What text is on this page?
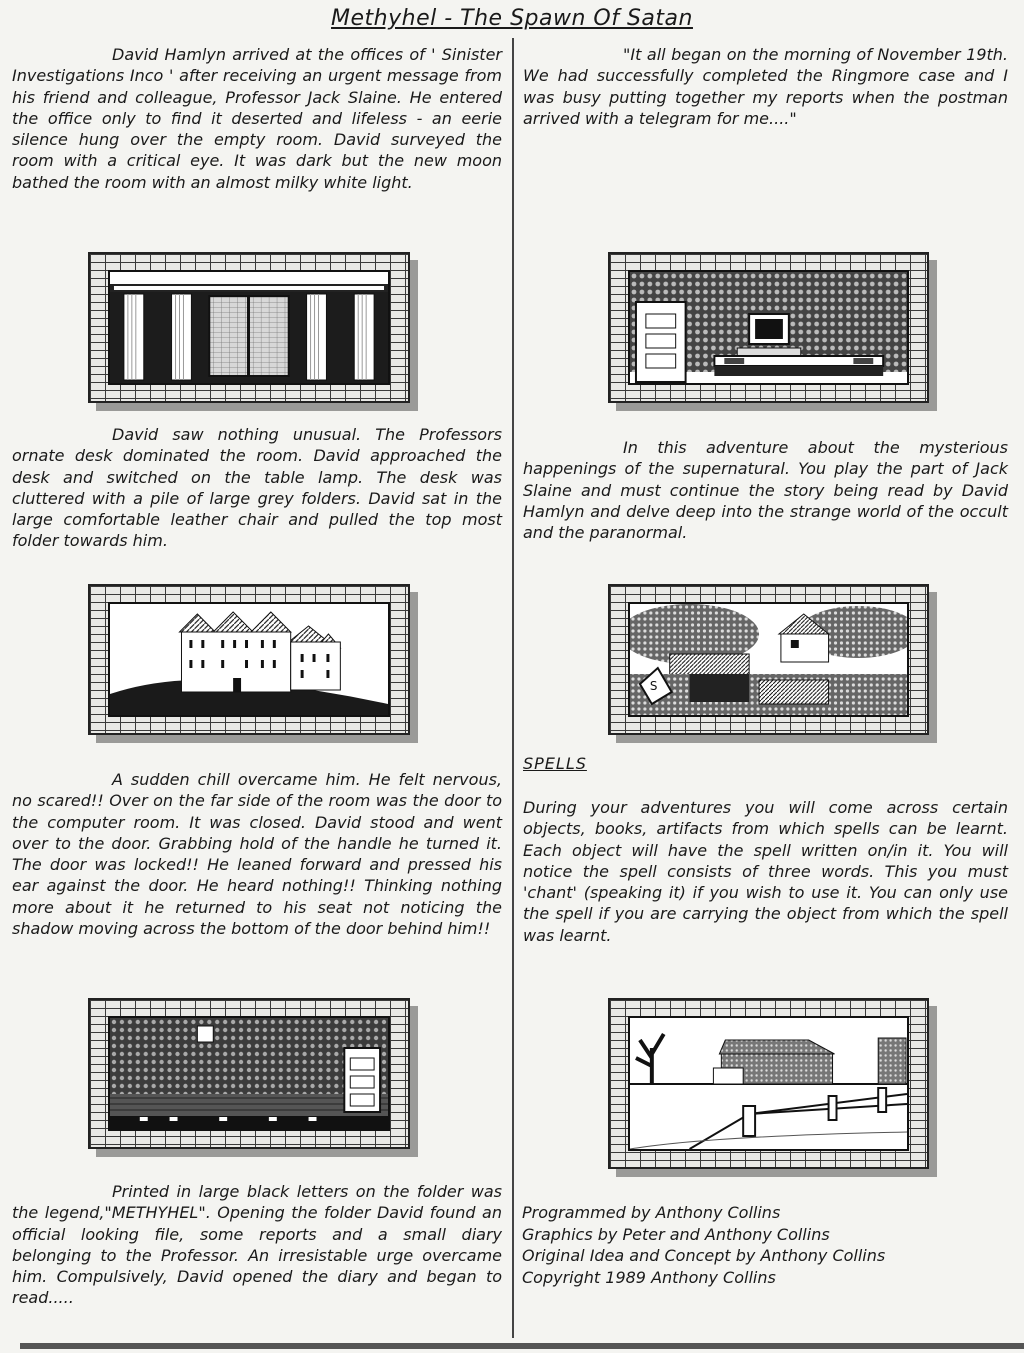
Methyhel - The Spawn Of Satan

David Hamlyn arrived at the offices of ' Sinister Investigations Inco ' after receiving an urgent message from his friend and colleague, Professor Jack Slaine. He entered the office only to find it deserted and lifeless - an eerie silence hung over the empty room. David surveyed the room with a critical eye. It was dark but the new moon bathed the room with an almost milky white light.

David saw nothing unusual. The Professors ornate desk dominated the room. David approached the desk and switched on the table lamp. The desk was cluttered with a pile of large grey folders. David sat in the large comfortable leather chair and pulled the top most folder towards him.

A sudden chill overcame him. He felt nervous, no scared!! Over on the far side of the room was the door to the computer room. It was closed. David stood and went over to the door. Grabbing hold of the handle he turned it. The door was locked!! He leaned forward and pressed his ear against the door. He heard nothing!! Thinking nothing more about it he returned to his seat not noticing the shadow moving across the bottom of the door behind him!!

Printed in large black letters on the folder was the legend,"METHYHEL". Opening the folder David found an official looking file, some reports and a small diary belonging to the Professor. An irresistable urge overcame him. Compulsively, David opened the diary and began to read.....

"It all began on the morning of November 19th. We had successfully completed the Ringmore case and I was busy putting together my reports when the postman arrived with a telegram for me...."

In this adventure about the mysterious happenings of the supernatural. You play the part of Jack Slaine and must continue the story being read by David Hamlyn and delve deep into the strange world of the occult and the paranormal.

SPELLS

During your adventures you will come across certain objects, books, artifacts from which spells can be learnt. Each object will have the spell written on/in it. You will notice the spell consists of three words. This you must 'chant' (speaking it) if you wish to use it. You can only use the spell if you are carrying the object from which the spell was learnt.

Programmed by Anthony Collins
Graphics by Peter and Anthony Collins
Original Idea and Concept by Anthony Collins
Copyright 1989 Anthony Collins
S
